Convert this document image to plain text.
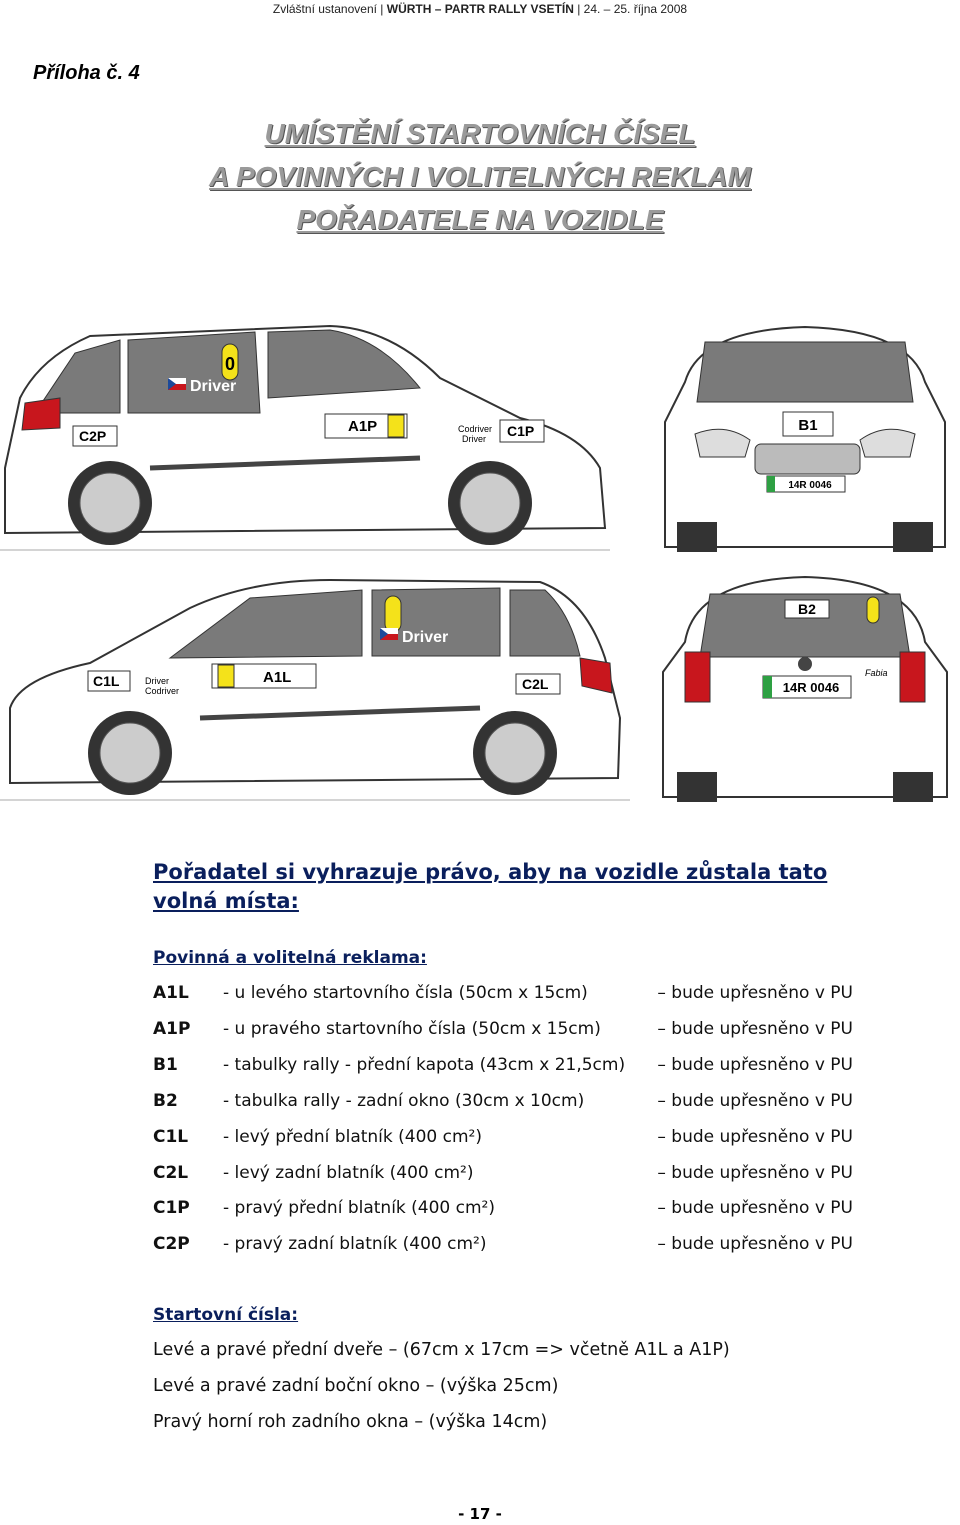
Zvláštní ustanovení | WÜRTH – PARTR RALLY VSETÍN | 24. – 25. října 2008
Příloha č. 4
UMÍSTĚNÍ STARTOVNÍCH ČÍSEL
A POVINNÝCH I VOLITELNÝCH REKLAM
POŘADATELE NA VOZIDLE
0
Driver
A1P	C1P
Codriver
Driver
C2P
B1
14R 0046
Driver
A1L
C1L	Driver
Codriver	C2L
B2
Fabia
14R 0046
Pořadatel si vyhrazuje právo, aby na vozidle zůstala tato volná místa:
Povinná a volitelná reklama:
A1L - u levého startovního čísla (50cm x 15cm)	– bude upřesněno v PU
A1P - u pravého startovního čísla (50cm x 15cm)	– bude upřesněno v PU
B1	- tabulky rally - přední kapota (43cm x 21,5cm) – bude upřesněno v PU
B2	- tabulka rally - zadní okno (30cm x 10cm)	– bude upřesněno v PU
C1L - levý přední blatník (400 cm²)	– bude upřesněno v PU
C2L - levý zadní blatník (400 cm²)	– bude upřesněno v PU
C1P - pravý přední blatník (400 cm²)	– bude upřesněno v PU
C2P - pravý zadní blatník (400 cm²)	– bude upřesněno v PU
Startovní čísla:
Levé a pravé přední dveře – (67cm x 17cm => včetně A1L a A1P)
Levé a pravé zadní boční okno – (výška 25cm)
Pravý horní roh zadního okna – (výška 14cm)
- 17 -
